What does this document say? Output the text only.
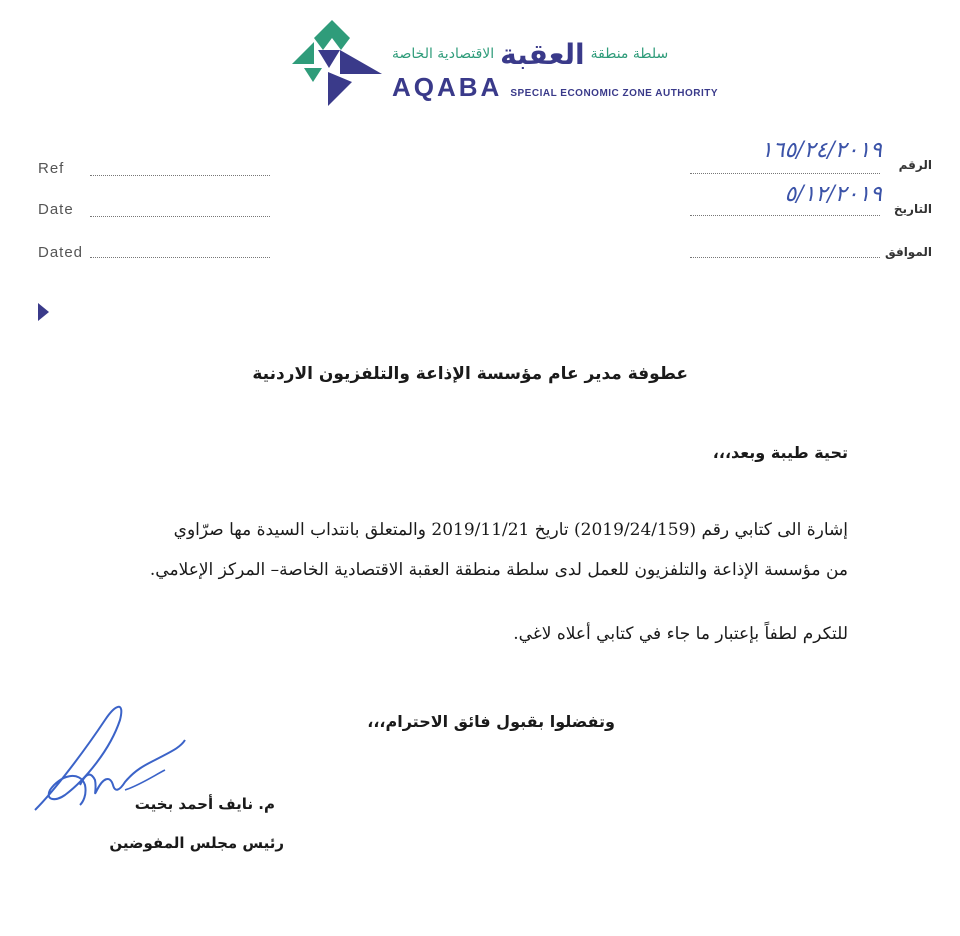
سلطة منطقة
العقبة
الاقتصادية الخاصة
AQABA SPECIAL ECONOMIC ZONE AUTHORITY
Ref
Date
Dated
الرقم
١٦٥/٢٤/٢٠١٩
التاريخ
٥/١٢/٢٠١٩
الموافق
عطوفة مدير عام مؤسسة الإذاعة والتلفزيون الاردنية
تحية طيبة وبعد،،،
إشارة الى كتابي رقم (2019/24/159) تاريخ 2019/11/21 والمتعلق بانتداب السيدة مها صرّاوي
من مؤسسة الإذاعة والتلفزيون للعمل لدى سلطة منطقة العقبة الاقتصادية الخاصة– المركز الإعلامي.
للتكرم لطفاً بإعتبار ما جاء في كتابي أعلاه لاغي.
وتفضلوا بقبول فائق الاحترام،،،
م. نايف أحمد بخيت
رئيس مجلس المفوضين
